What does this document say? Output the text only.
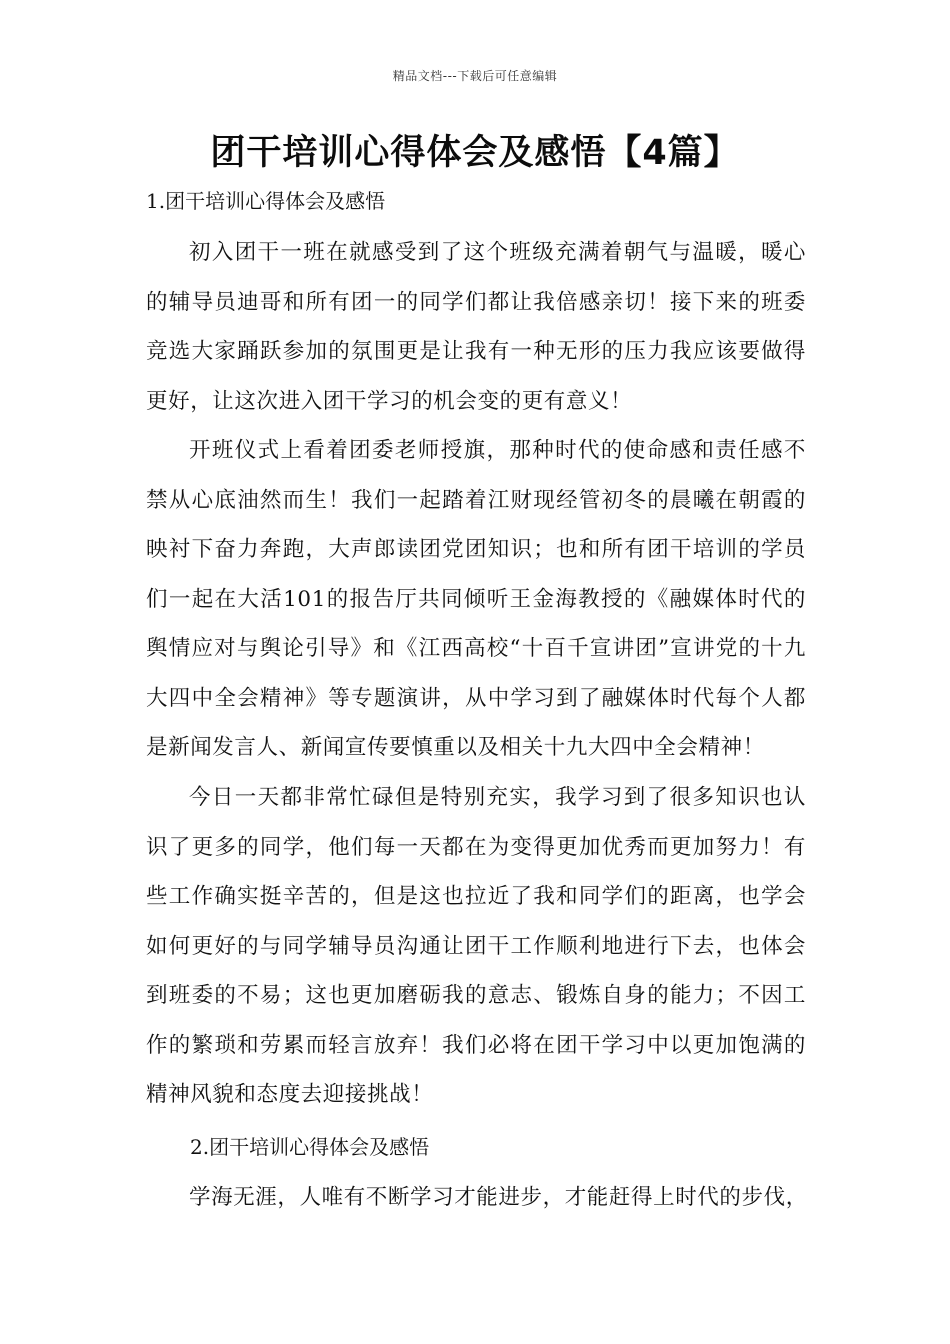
精品文档---下载后可任意编辑
团干培训心得体会及感悟【4篇】

1.团干培训心得体会及感悟

初入团干一班在就感受到了这个班级充满着朝气与温暖，暖心的辅导员迪哥和所有团一的同学们都让我倍感亲切！接下来的班委竞选大家踊跃参加的氛围更是让我有一种无形的压力我应该要做得更好，让这次进入团干学习的机会变的更有意义！

开班仪式上看着团委老师授旗，那种时代的使命感和责任感不禁从心底油然而生！我们一起踏着江财现经管初冬的晨曦在朝霞的映衬下奋力奔跑，大声郎读团党团知识；也和所有团干培训的学员们一起在大活101的报告厅共同倾听王金海教授的《融媒体时代的舆情应对与舆论引导》和《江西高校“十百千宣讲团”宣讲党的十九大四中全会精神》等专题演讲，从中学习到了融媒体时代每个人都是新闻发言人、新闻宣传要慎重以及相关十九大四中全会精神！

今日一天都非常忙碌但是特别充实，我学习到了很多知识也认识了更多的同学，他们每一天都在为变得更加优秀而更加努力！有些工作确实挺辛苦的，但是这也拉近了我和同学们的距离，也学会如何更好的与同学辅导员沟通让团干工作顺利地进行下去，也体会到班委的不易；这也更加磨砺我的意志、锻炼自身的能力；不因工作的繁琐和劳累而轻言放弃！我们必将在团干学习中以更加饱满的精神风貌和态度去迎接挑战！

2.团干培训心得体会及感悟

学海无涯，人唯有不断学习才能进步，才能赶得上时代的步伐，
